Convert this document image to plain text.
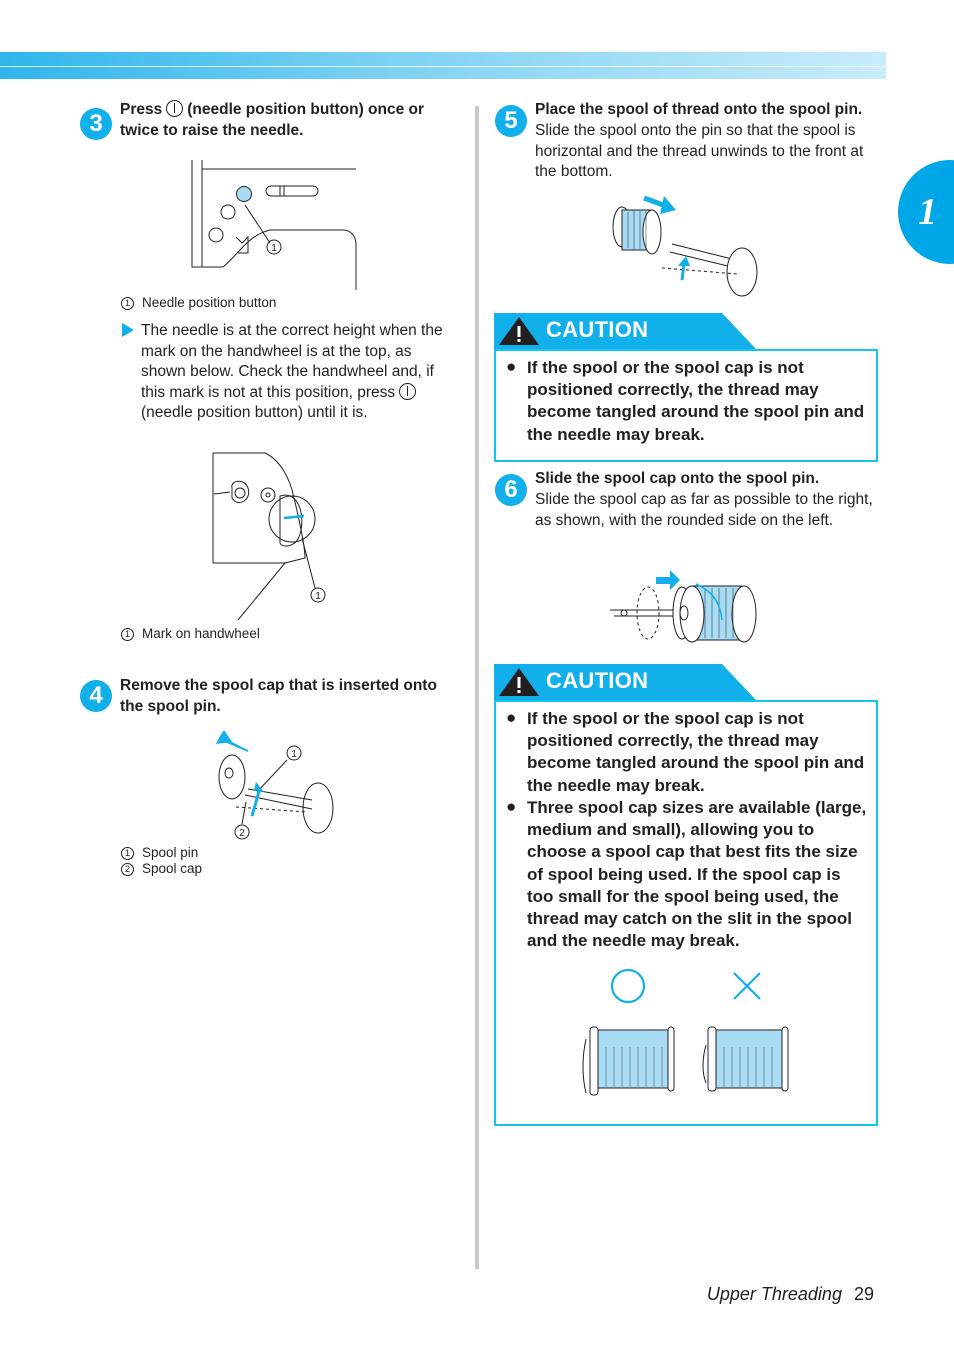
1
3
Press (needle position button) once or twice to raise the needle.
1
1 Needle position button
The needle is at the correct height when the mark on the handwheel is at the top, as shown below. Check the handwheel and, if this mark is not at this position, press
(needle position button) until it is.
1
1 Mark on handwheel
4	Remove the spool cap that is inserted onto the spool pin.
1
2
1 Spool pin
2 Spool cap
5	Place the spool of thread onto the spool pin.
Slide the spool onto the pin so that the spool is horizontal and the thread unwinds to the front at the bottom.
CAUTION
● If the spool or the spool cap is not positioned correctly, the thread may become tangled around the spool pin and the needle may break.
6	Slide the spool cap onto the spool pin.
Slide the spool cap as far as possible to the right, as shown, with the rounded side on the left.
CAUTION
● If the spool or the spool cap is not positioned correctly, the thread may become tangled around the spool pin and the needle may break.
● Three spool cap sizes are available (large, medium and small), allowing you to choose a spool cap that best fits the size of spool being used. If the spool cap is too small for the spool being used, the thread may catch on the slit in the spool and the needle may break.
Upper Threading 29
